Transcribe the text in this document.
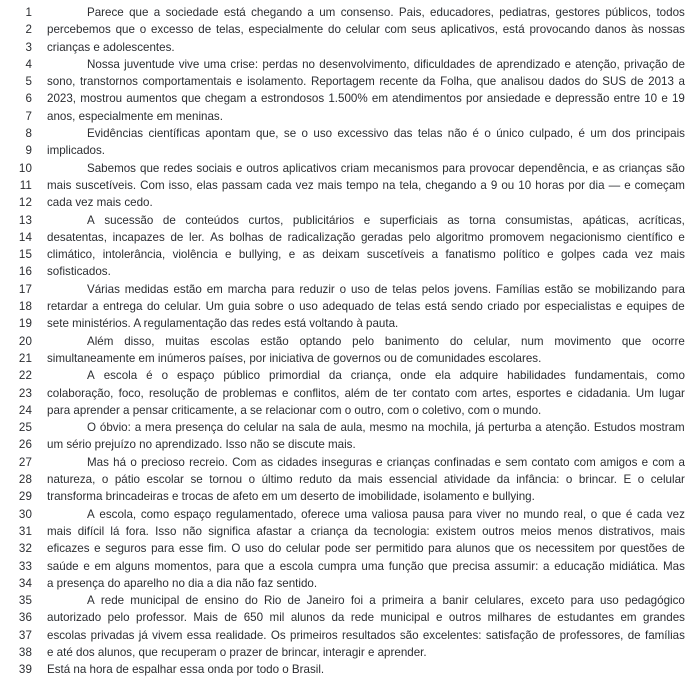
1	Parece que a sociedade está chegando a um consenso. Pais, educadores, pediatras, gestores públicos, todos
2 percebemos que o excesso de telas, especialmente do celular com seus aplicativos, está provocando danos às nossas
3 crianças e adolescentes.
4	Nossa juventude vive uma crise: perdas no desenvolvimento, dificuldades de aprendizado e atenção, privação de
5 sono, transtornos comportamentais e isolamento. Reportagem recente da Folha, que analisou dados do SUS de 2013 a
6 2023, mostrou aumentos que chegam a estrondosos 1.500% em atendimentos por ansiedade e depressão entre 10 e 19
7 anos, especialmente em meninas.
8	Evidências científicas apontam que, se o uso excessivo das telas não é o único culpado, é um dos principais
9 implicados.
10	Sabemos que redes sociais e outros aplicativos criam mecanismos para provocar dependência, e as crianças são
11 mais suscetíveis. Com isso, elas passam cada vez mais tempo na tela, chegando a 9 ou 10 horas por dia — e começam
12 cada vez mais cedo.
13	A sucessão de conteúdos curtos, publicitários e superficiais as torna consumistas, apáticas, acríticas,
14 desatentas, incapazes de ler. As bolhas de radicalização geradas pelo algoritmo promovem negacionismo científico e
15 climático, intolerância, violência e bullying, e as deixam suscetíveis a fanatismo político e golpes cada vez mais
16 sofisticados.
17	Várias medidas estão em marcha para reduzir o uso de telas pelos jovens. Famílias estão se mobilizando para
18 retardar a entrega do celular. Um guia sobre o uso adequado de telas está sendo criado por especialistas e equipes de
19 sete ministérios. A regulamentação das redes está voltando à pauta.
20	Além disso, muitas escolas estão optando pelo banimento do celular, num movimento que ocorre
21 simultaneamente em inúmeros países, por iniciativa de governos ou de comunidades escolares.
22	A escola é o espaço público primordial da criança, onde ela adquire habilidades fundamentais, como
23 colaboração, foco, resolução de problemas e conflitos, além de ter contato com artes, esportes e cidadania. Um lugar
24 para aprender a pensar criticamente, a se relacionar com o outro, com o coletivo, com o mundo.
25	O óbvio: a mera presença do celular na sala de aula, mesmo na mochila, já perturba a atenção. Estudos mostram
26 um sério prejuízo no aprendizado. Isso não se discute mais.
27	Mas há o precioso recreio. Com as cidades inseguras e crianças confinadas e sem contato com amigos e com a
28 natureza, o pátio escolar se tornou o último reduto da mais essencial atividade da infância: o brincar. E o celular
29 transforma brincadeiras e trocas de afeto em um deserto de imobilidade, isolamento e bullying.
30	A escola, como espaço regulamentado, oferece uma valiosa pausa para viver no mundo real, o que é cada vez
31 mais difícil lá fora. Isso não significa afastar a criança da tecnologia: existem outros meios menos distrativos, mais
32 eficazes e seguros para esse fim. O uso do celular pode ser permitido para alunos que os necessitem por questões de
33 saúde e em alguns momentos, para que a escola cumpra uma função que precisa assumir: a educação midiática. Mas
34 a presença do aparelho no dia a dia não faz sentido.
35	A rede municipal de ensino do Rio de Janeiro foi a primeira a banir celulares, exceto para uso pedagógico
36 autorizado pelo professor. Mais de 650 mil alunos da rede municipal e outros milhares de estudantes em grandes
37 escolas privadas já vivem essa realidade. Os primeiros resultados são excelentes: satisfação de professores, de famílias
38 e até dos alunos, que recuperam o prazer de brincar, interagir e aprender.
39 Está na hora de espalhar essa onda por todo o Brasil.
